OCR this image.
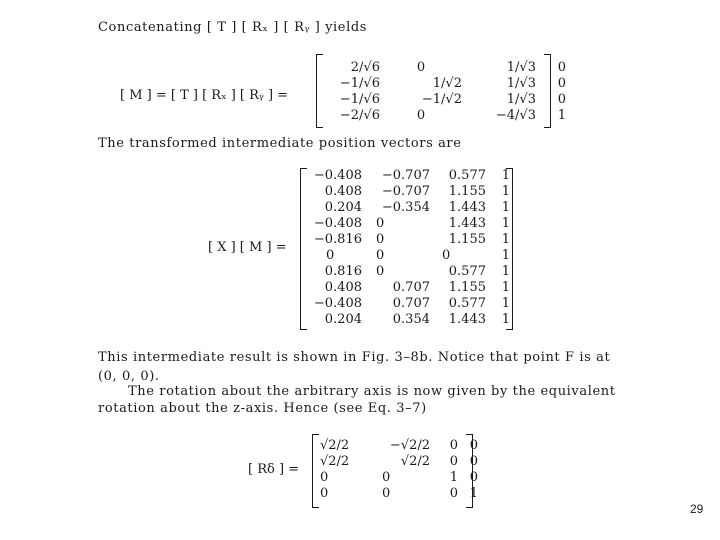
Concatenating [ T ] [ Rₓ ] [ Rᵧ ] yields
[ M ] = [ T ] [ Rₓ ] [ Rᵧ ] =
2/√6	0	1/√3	0
−1/√6	1/√2	1/√3	0
−1/√6	−1/√2	1/√3	0
−2/√6	0	−4/√3	1
The transformed intermediate position vectors are
[ X ] [ M ] =
−0.408	−0.707	0.577	1
0.408	−0.707	1.155	1
0.204	−0.354	1.443	1
−0.408	0	1.443	1
−0.816	0	1.155	1
0	0	0	1
0.816	0	0.577	1
0.408	0.707	1.155	1
−0.408	0.707	0.577	1
0.204	0.354	1.443	1
This intermediate result is shown in Fig. 3–8b. Notice that point F is at
(0, 0, 0).
The rotation about the arbitrary axis is now given by the equivalent
rotation about the z-axis. Hence (see Eq. 3–7)
[ Rδ ] =
√2/2	−√2/2	0	0
√2/2	√2/2	0	0
0	0	1	0
0	0	0	1
29
